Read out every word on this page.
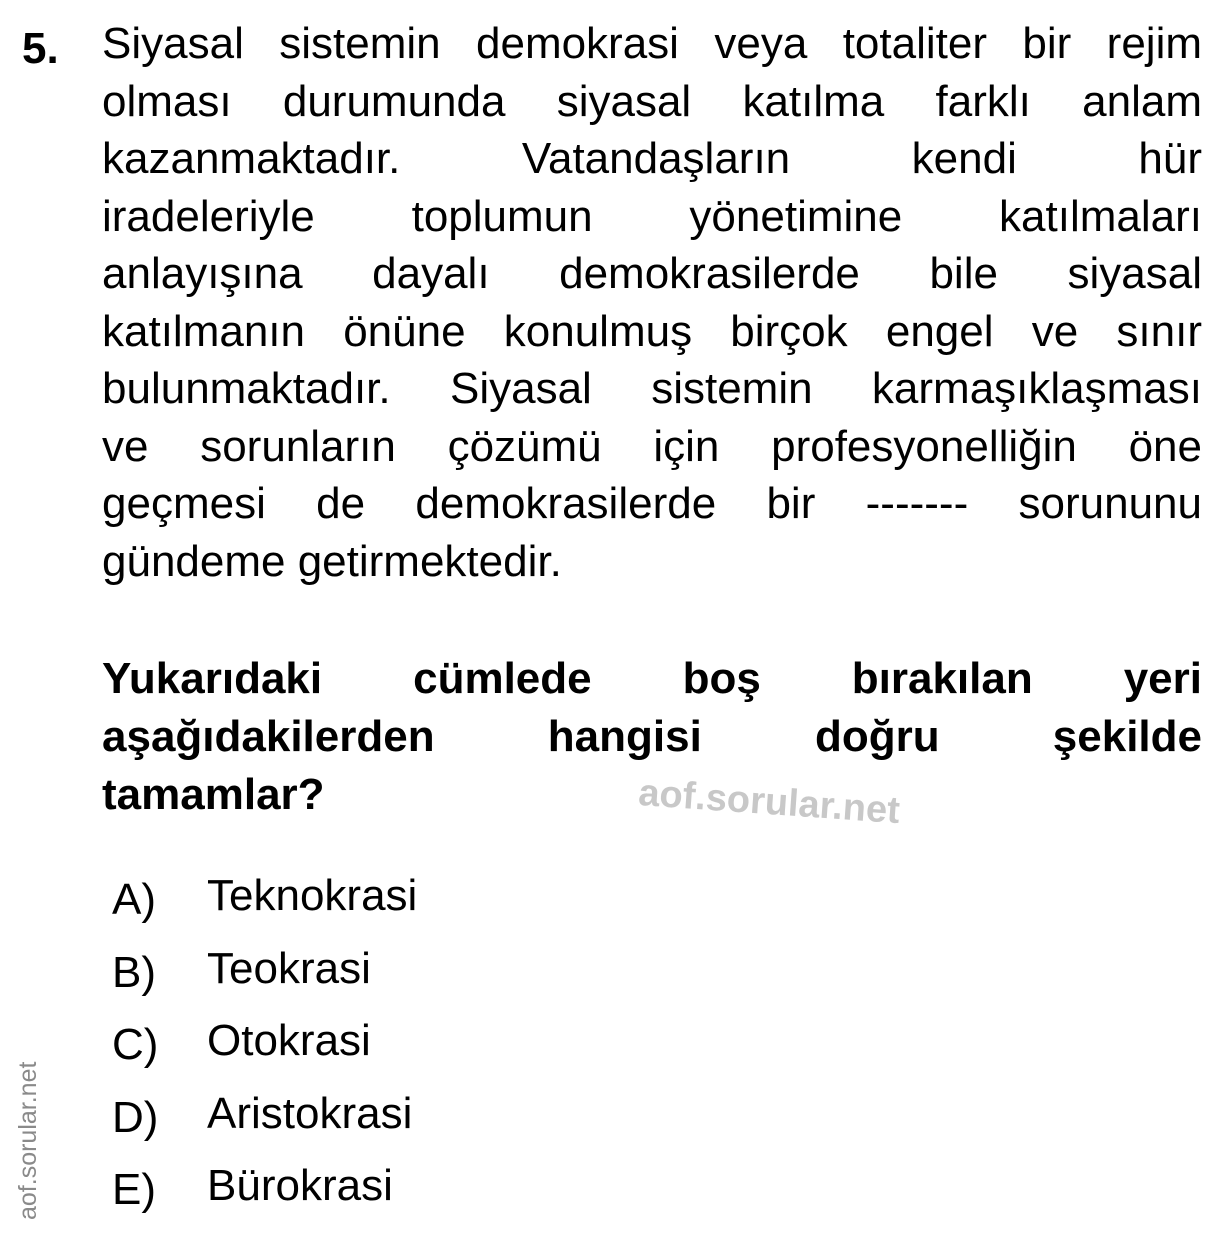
5. Siyasal sistemin demokrasi veya totaliter bir rejim
olması durumunda siyasal katılma farklı anlam
kazanmaktadır. Vatandaşların kendi hür
iradeleriyle toplumun yönetimine katılmaları
anlayışına dayalı demokrasilerde bile siyasal
katılmanın önüne konulmuş birçok engel ve sınır
bulunmaktadır. Siyasal sistemin karmaşıklaşması
ve sorunların çözümü için profesyonelliğin öne
geçmesi de demokrasilerde bir ------- sorununu
gündeme getirmektedir.
Yukarıdaki cümlede boş bırakılan yeri
aşağıdakilerden hangisi doğru şekilde
tamamlar?	aof.sorular.net
A) Teknokrasi
B) Teokrasi
C) Otokrasi
D) Aristokrasi
E) Bürokrasi
aof.sorular.net
